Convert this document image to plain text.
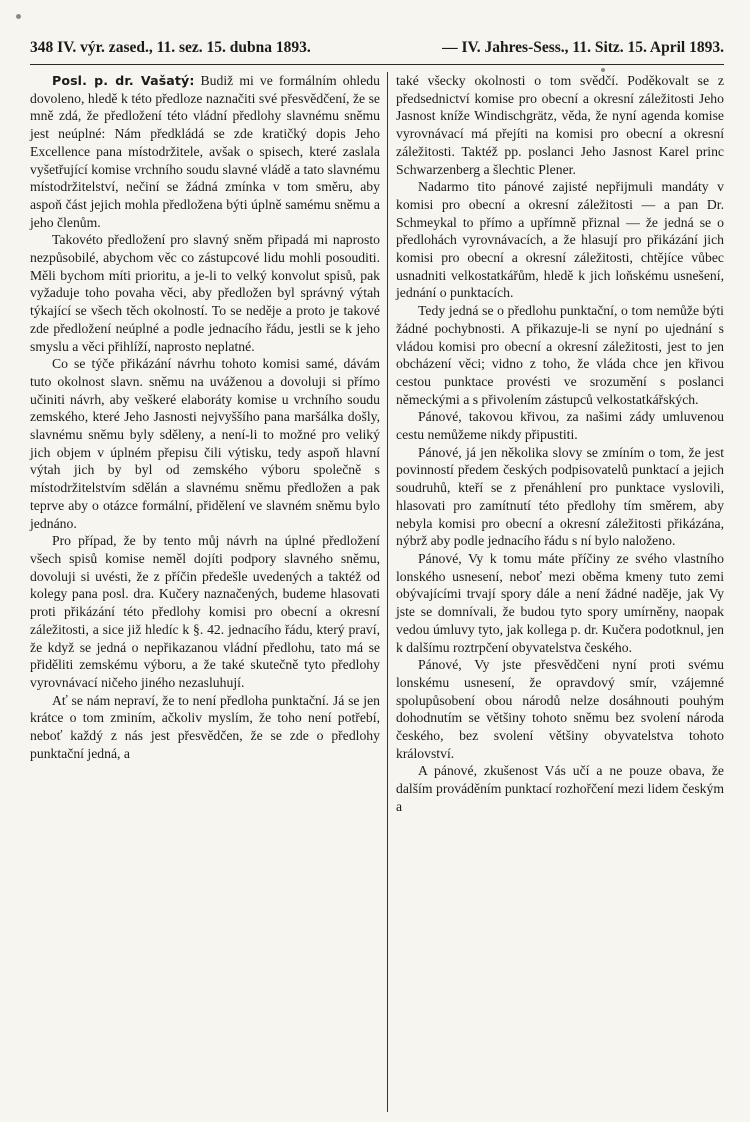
348 IV. výr. zased., 11. sez. 15. dubna 1893.	— IV. Jahres-Sess., 11. Sitz. 15. April 1893.

Posl. p. dr. Vašatý: Budiž mi ve formálním ohledu dovoleno, hledě k této předloze naznačiti své přesvědčení, že se mně zdá, že předložení této vládní předlohy slavnému sněmu jest neúplné: Nám předkládá se zde kratičký dopis Jeho Excellence pana místodržitele, avšak o spisech, které zaslala vyšetřující komise vrchního soudu slavné vládě a tato slavnému místodržitelství, nečiní se žádná zmínka v tom směru, aby aspoň část jejich mohla předložena býti úplně samému sněmu a jeho členům.

Takovéto předložení pro slavný sněm připadá mi naprosto nezpůsobilé, abychom věc co zástupcové lidu mohli posouditi. Měli bychom míti prioritu, a je-li to velký konvolut spisů, pak vyžaduje toho povaha věci, aby předložen byl správný výtah týkající se všech těch okolností. To se neděje a proto je takové zde předložení neúplné a podle jednacího řádu, jestli se k jeho smyslu a věci přihlíží, naprosto neplatné.

Co se týče přikázání návrhu tohoto komisi samé, dávám tuto okolnost slavn. sněmu na uváženou a dovoluji si přímo učiniti návrh, aby veškeré elaboráty komise u vrchního soudu zemského, které Jeho Jasnosti nejvyššího pana maršálka došly, slavnému sněmu byly sděleny, a není-li to možné pro veliký jich objem v úplném přepisu čili výtisku, tedy aspoň hlavní výtah jich by byl od zemského výboru společně s místodržitelstvím sdělán a slavnému sněmu předložen a pak teprve aby o otázce formální, přidělení ve slavném sněmu bylo jednáno.

Pro případ, že by tento můj návrh na úplné předložení všech spisů komise neměl dojíti podpory slavného sněmu, dovoluji si uvésti, že z příčin předešle uvedených a taktéž od kolegy pana posl. dra. Kučery naznačených, budeme hlasovati proti přikázání této předlohy komisi pro obecní a okresní záležitosti, a sice již hledíc k §. 42. jednacího řádu, který praví, že když se jedná o nepřikazanou vládní předlohu, tato má se přiděliti zemskému výboru, a že také skutečně tyto předlohy vyrovnávací ničeho jiného nezasluhují.

Ať se nám nepraví, že to není předloha punktační. Já se jen krátce o tom zminím, ačkoliv myslím, že toho není potřebí, neboť každý z nás jest přesvědčen, že se zde o předlohy punktační jedná, a

také všecky okolnosti o tom svědčí. Poděkovalt se z předsednictví komise pro obecní a okresní záležitosti Jeho Jasnost kníže Windischgrätz, věda, že nyní agenda komise vyrovnávací má přejíti na komisi pro obecní a okresní záležitosti. Taktéž pp. poslanci Jeho Jasnost Karel princ Schwarzenberg a šlechtic Plener.

Nadarmo tito pánové zajisté nepřijmuli mandáty v komisi pro obecní a okresní záležitosti — a pan Dr. Schmeykal to přímo a upřímně přiznal — že jedná se o předlohách vyrovnávacích, a že hlasují pro přikázání jich komisi pro obecní a okresní záležitosti, chtějíce vůbec usnadniti velkostatkářům, hledě k jich loňskému usnešení, jednání o punktacích.

Tedy jedná se o předlohu punktační, o tom nemůže býti žádné pochybnosti. A přikazuje-li se nyní po ujednání s vládou komisi pro obecní a okresní záležitosti, jest to jen obcházení věci; vidno z toho, že vláda chce jen křivou cestou punktace provésti ve srozumění s poslanci německými a s přivolením zástupců velkostatkářských.

Pánové, takovou křivou, za našimi zády umluvenou cestu nemůžeme nikdy připustiti.

Pánové, já jen několika slovy se zmíním o tom, že jest povinností předem českých podpisovatelů punktací a jejich soudruhů, kteří se z přenáhlení pro punktace vyslovili, hlasovati pro zamítnutí této předlohy tím směrem, aby nebyla komisi pro obecní a okresní záležitosti přikázána, nýbrž aby podle jednacího řádu s ní bylo naloženo.

Pánové, Vy k tomu máte příčiny ze svého vlastního lonského usnesení, neboť mezi oběma kmeny tuto zemi obývajícími trvají spory dále a není žádné naděje, jak Vy jste se domnívali, že budou tyto spory umírněny, naopak vedou úmluvy tyto, jak kollega p. dr. Kučera podotknul, jen k dalšímu roztrpčení obyvatelstva českého.

Pánové, Vy jste přesvědčeni nyní proti svému lonskému usnesení, že opravdový smír, vzájemné spolupůsobení obou národů nelze dosáhnouti pouhým dohodnutím se většiny tohoto sněmu bez svolení národa českého, bez svolení většiny obyvatelstva tohoto království.

A pánové, zkušenost Vás učí a ne pouze obava, že dalším prováděním punktací rozhořčení mezi lidem českým a
